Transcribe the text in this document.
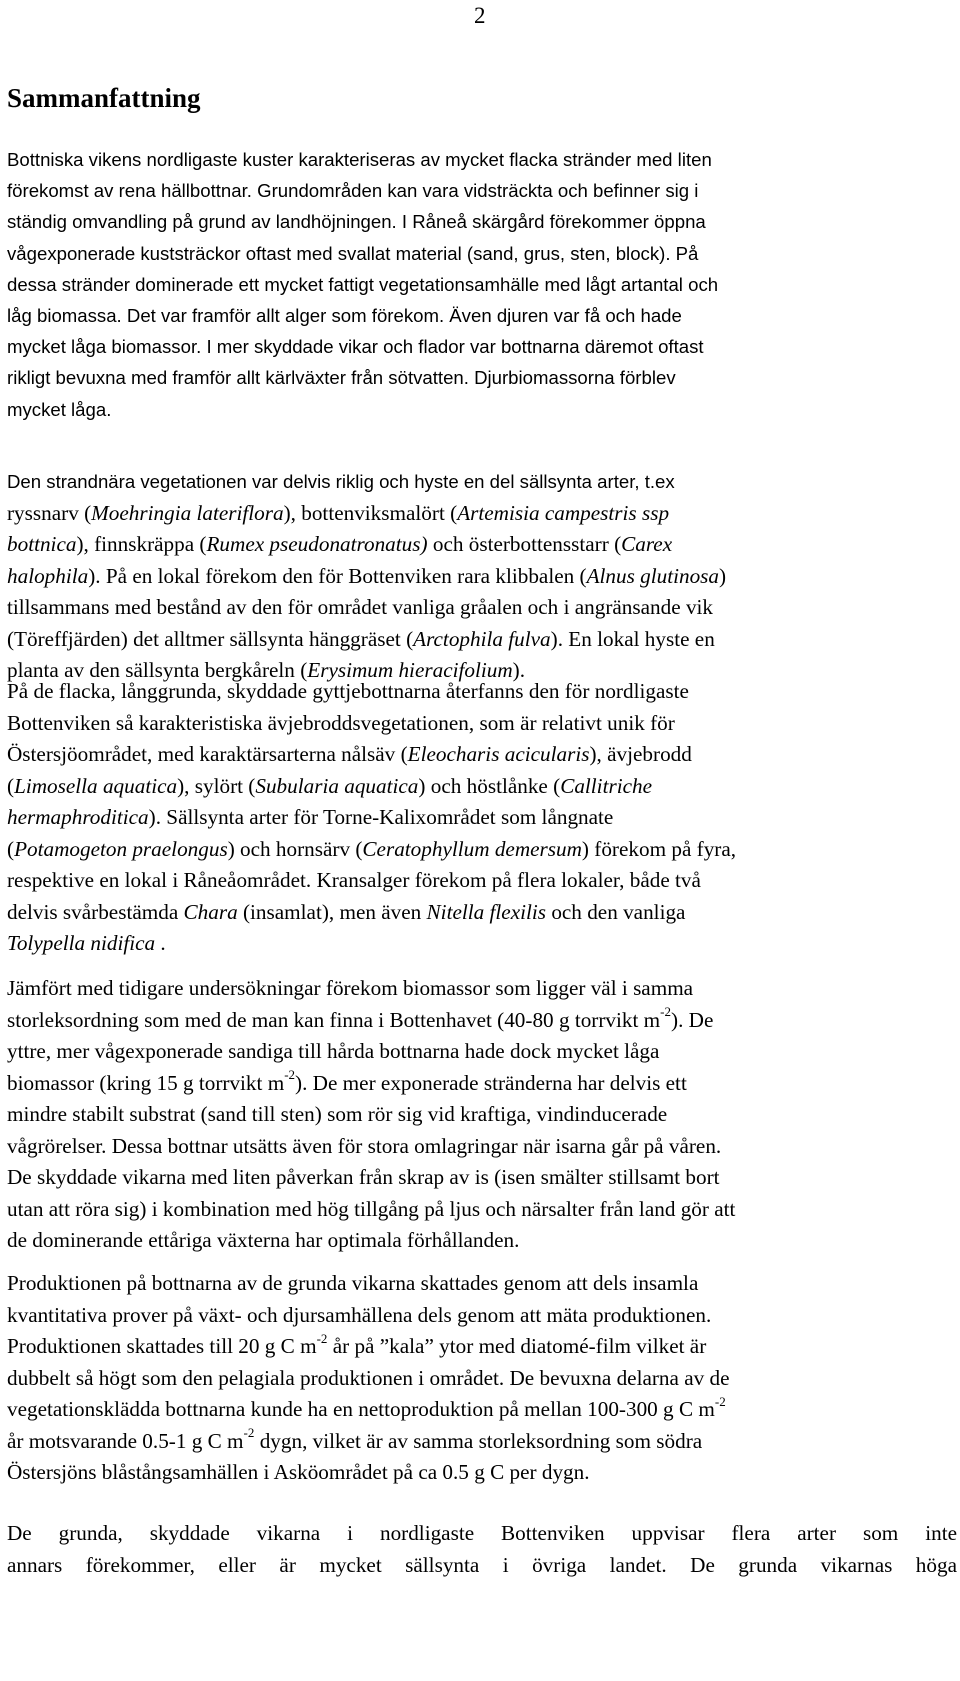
2
Sammanfattning
Bottniska vikens nordligaste kuster karakteriseras av mycket flacka stränder med liten
förekomst av rena hällbottnar. Grundområden kan vara vidsträckta och befinner sig i
ständig omvandling på grund av landhöjningen. I Råneå skärgård förekommer öppna
vågexponerade kuststräckor oftast med svallat material (sand, grus, sten, block). På
dessa stränder dominerade ett mycket fattigt vegetationsamhälle med lågt artantal och
låg biomassa. Det var framför allt alger som förekom. Även djuren var få och hade
mycket låga biomassor. I mer skyddade vikar och flador var bottnarna däremot oftast
rikligt bevuxna med framför allt kärlväxter från sötvatten. Djurbiomassorna förblev
mycket låga.
Den strandnära vegetationen var delvis riklig och hyste en del sällsynta arter, t.ex
ryssnarv (Moehringia lateriflora), bottenviksmalört (Artemisia campestris ssp
bottnica), finnskräppa (Rumex pseudonatronatus) och österbottensstarr (Carex
halophila). På en lokal förekom den för Bottenviken rara klibbalen (Alnus glutinosa)
tillsammans med bestånd av den för området vanliga gråalen och i angränsande vik
(Töreffjärden) det alltmer sällsynta hänggräset (Arctophila fulva). En lokal hyste en
planta av den sällsynta bergkåreln (Erysimum hieracifolium).
På de flacka, långgrunda, skyddade gyttjebottnarna återfanns den för nordligaste
Bottenviken så karakteristiska ävjebroddsvegetationen, som är relativt unik för
Östersjöområdet, med karaktärsarterna nålsäv (Eleocharis acicularis), ävjebrodd
(Limosella aquatica), sylört (Subularia aquatica) och höstlånke (Callitriche
hermaphroditica). Sällsynta arter för Torne-Kalixområdet som långnate
(Potamogeton praelongus) och hornsärv (Ceratophyllum demersum) förekom på fyra,
respektive en lokal i Råneåområdet. Kransalger förekom på flera lokaler, både två
delvis svårbestämda Chara (insamlat), men även Nitella flexilis och den vanliga
Tolypella nidifica .
Jämfört med tidigare undersökningar förekom biomassor som ligger väl i samma
storleksordning som med de man kan finna i Bottenhavet (40-80 g torrvikt $m^{-2}$). De
yttre, mer vågexponerade sandiga till hårda bottnarna hade dock mycket låga
biomassor (kring 15 g torrvikt $m^{-2}$). De mer exponerade stränderna har delvis ett
mindre stabilt substrat (sand till sten) som rör sig vid kraftiga, vindinducerade
vågrörelser. Dessa bottnar utsätts även för stora omlagringar när isarna går på våren.
De skyddade vikarna med liten påverkan från skrap av is (isen smälter stillsamt bort
utan att röra sig) i kombination med hög tillgång på ljus och närsalter från land gör att
de dominerande ettåriga växterna har optimala förhållanden.
Produktionen på bottnarna av de grunda vikarna skattades genom att dels insamla
kvantitativa prover på växt- och djursamhällena dels genom att mäta produktionen.
Produktionen skattades till 20 g C $m^{-2}$ år på ”kala” ytor med diatomé-film vilket är
dubbelt så högt som den pelagiala produktionen i området. De bevuxna delarna av de
vegetationsklädda bottnarna kunde ha en nettoproduktion på mellan 100-300 g C $m^{-2}$
år motsvarande 0.5-1 g C $m^{-2}$ dygn, vilket är av samma storleksordning som södra
Östersjöns blåstångsamhällen i Asköområdet på ca 0.5 g C per dygn.
De grunda, skyddade vikarna i nordligaste Bottenviken uppvisar flera arter som inte
annars förekommer, eller är mycket sällsynta i övriga landet. De grunda vikarnas höga
